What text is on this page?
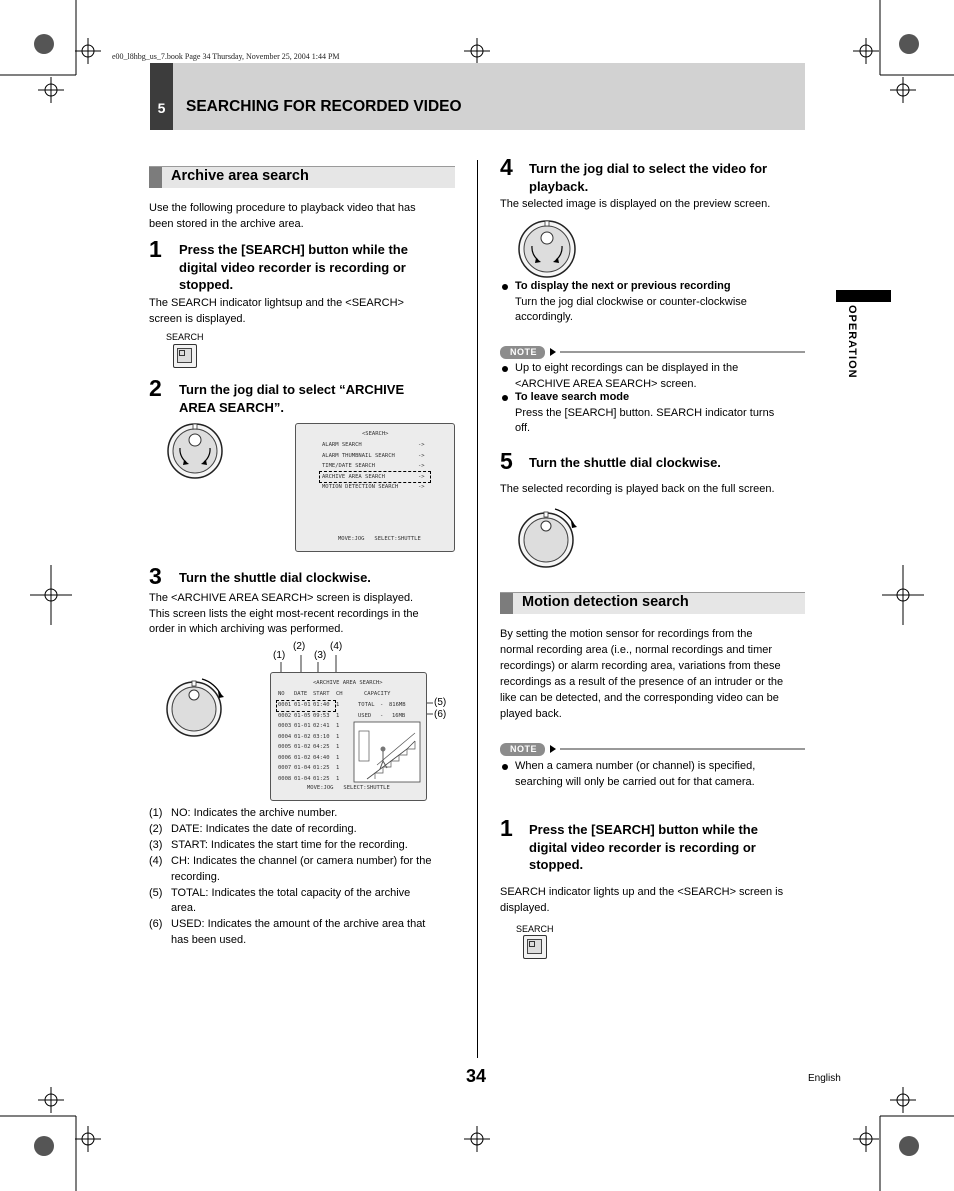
e00_l8hbg_us_7.book Page 34 Thursday, November 25, 2004 1:44 PM
5	SEARCHING FOR RECORDED VIDEO
OPERATION
Archive area search
Use the following procedure to playback video that has
been stored in the archive area.
1 Press the [SEARCH] button while the
digital video recorder is recording or
stopped.
The SEARCH indicator lightsup and the <SEARCH>
screen is displayed.
SEARCH
2 Turn the jog dial to select “ARCHIVE
AREA SEARCH”.
<SEARCH>
ALARM SEARCH	->
ALARM THUMBNAIL SEARCH	->
TIME/DATE SEARCH	->
ARCHIVE AREA SEARCH	->
MOTION DETECTION SEARCH	->
MOVE:JOG   SELECT:SHUTTLE
3 Turn the shuttle dial clockwise.
The <ARCHIVE AREA SEARCH> screen is displayed.
This screen lists the eight most-recent recordings in the
order in which archiving was performed.
(1)
(2)
(3)
(4)
(5)
(6)
<ARCHIVE AREA SEARCH>
NO DATE START CH	CAPACITY
TOTAL - 816MB
USED - 16MB
0001 01-01 01:40 1
0002 01-05 09:53 1
0003 01-01 02:41 1
0004 01-02 03:10 1
0005 01-02 04:25 1
0006 01-02 04:40 1
0007 01-04 01:25 1
0008 01-04 01:25 1
MOVE:JOG   SELECT:SHUTTLE
(1) NO: Indicates the archive number.
(2) DATE: Indicates the date of recording.
(3) START: Indicates the start time for the recording.
(4) CH: Indicates the channel (or camera number) for the
recording.
(5) TOTAL: Indicates the total capacity of the archive
area.
(6) USED: Indicates the amount of the archive area that
has been used.
4 Turn the jog dial to select the video for
playback.
The selected image is displayed on the preview screen.
To display the next or previous recording
Turn the jog dial clockwise or counter-clockwise
accordingly.
NOTE
Up to eight recordings can be displayed in the
<ARCHIVE AREA SEARCH> screen.
To leave search mode
Press the [SEARCH] button. SEARCH indicator turns
off.
5 Turn the shuttle dial clockwise.
The selected recording is played back on the full screen.
Motion detection search
By setting the motion sensor for recordings from the
normal recording area (i.e., normal recordings and timer
recordings) or alarm recording area, variations from these
recordings as a result of the presence of an intruder or the
like can be detected, and the corresponding video can be
played back.
NOTE
When a camera number (or channel) is specified,
searching will only be carried out for that camera.
1 Press the [SEARCH] button while the
digital video recorder is recording or
stopped.
SEARCH indicator lights up and the <SEARCH> screen is
displayed.
SEARCH
34	English
